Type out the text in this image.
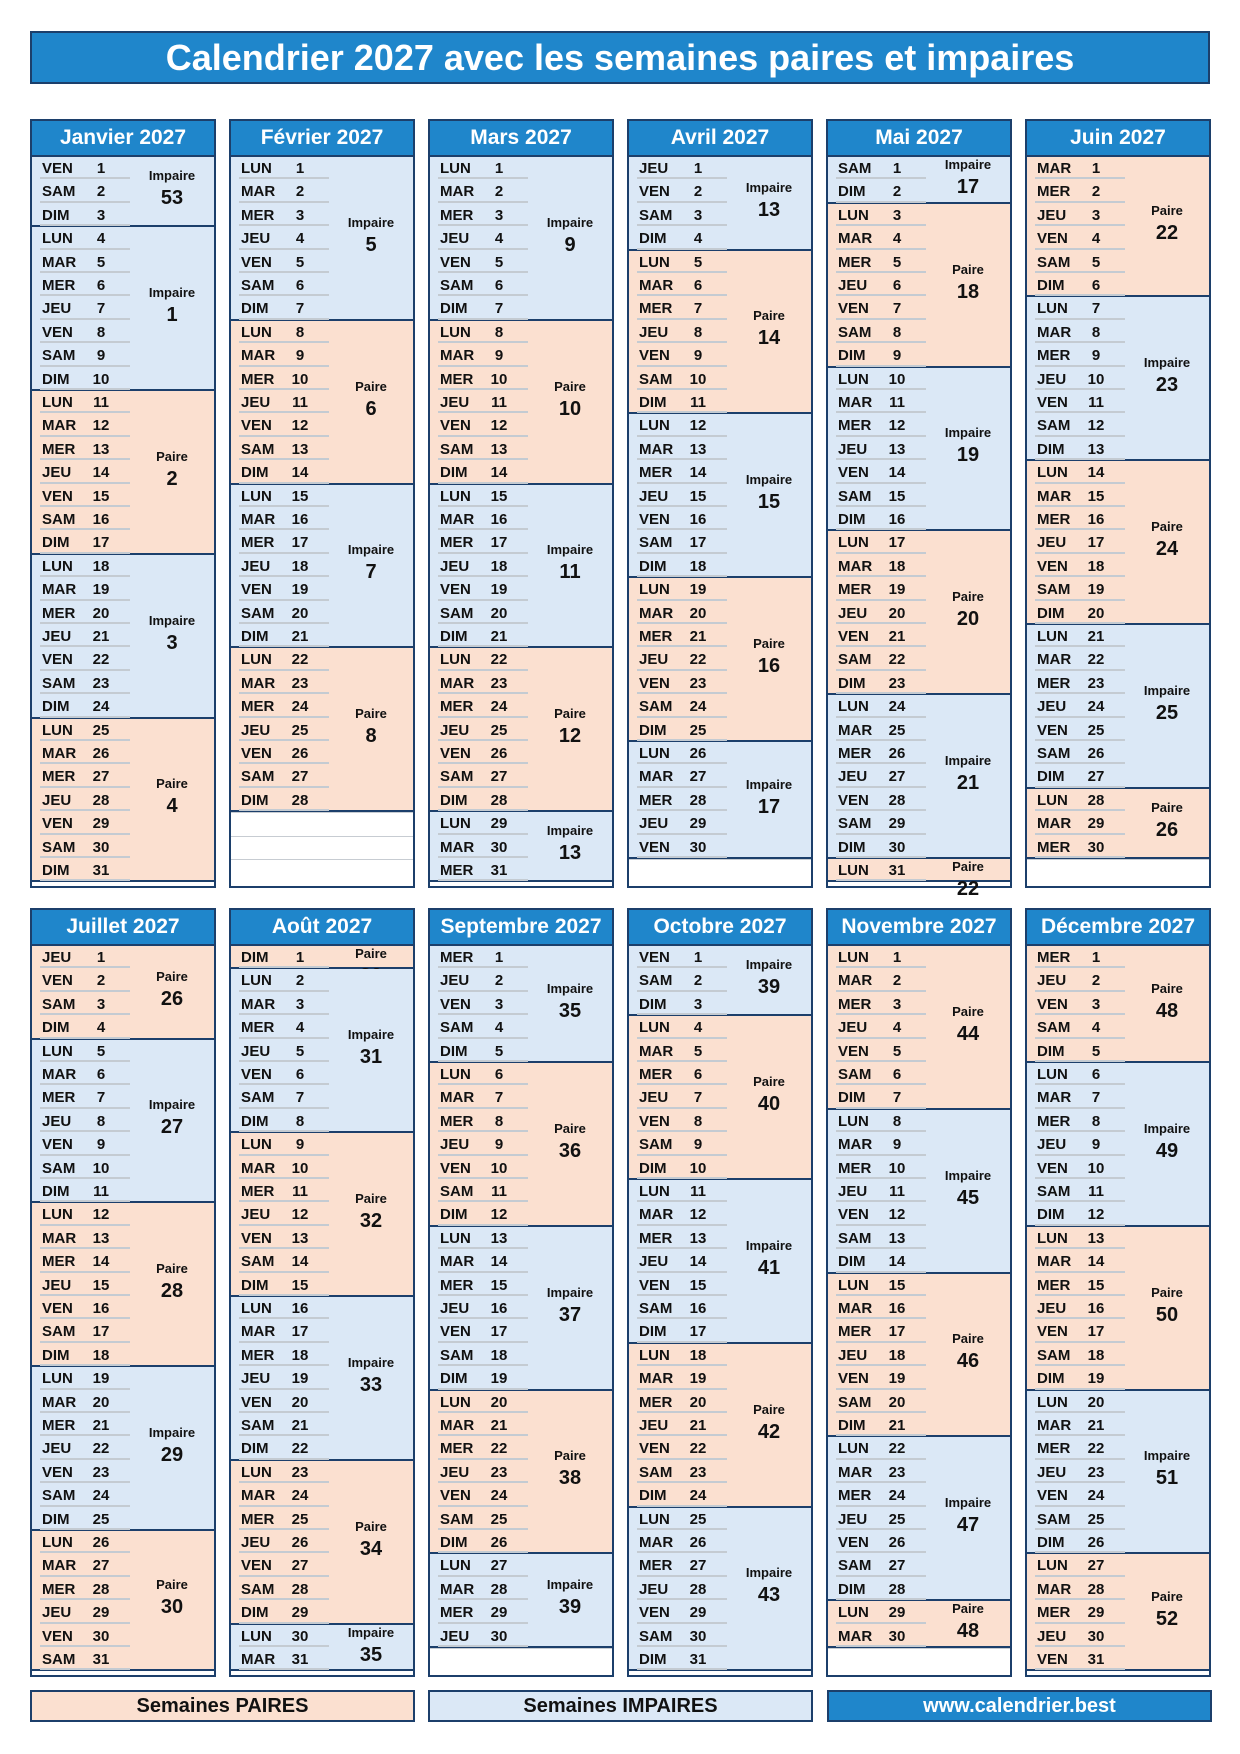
Calendrier 2027 avec les semaines paires et impaires
Janvier 2027
VEN	1
SAM	2
DIM	3
Impaire
53
LUN	4
MAR	5
MER	6
JEU	7
VEN	8
SAM	9
DIM	10
Impaire
1
LUN	11
MAR	12
MER	13
JEU	14
VEN	15
SAM	16
DIM	17
Paire
2
LUN	18
MAR	19
MER	20
JEU	21
VEN	22
SAM	23
DIM	24
Impaire
3
LUN	25
MAR	26
MER	27
JEU	28
VEN	29
SAM	30
DIM	31
Paire
4
Février 2027
LUN	1
MAR	2
MER	3
JEU	4
VEN	5
SAM	6
DIM	7
Impaire
5
LUN	8
MAR	9
MER	10
JEU	11
VEN	12
SAM	13
DIM	14
Paire
6
LUN	15
MAR	16
MER	17
JEU	18
VEN	19
SAM	20
DIM	21
Impaire
7
LUN	22
MAR	23
MER	24
JEU	25
VEN	26
SAM	27
DIM	28
Paire
8
Mars 2027
LUN	1
MAR	2
MER	3
JEU	4
VEN	5
SAM	6
DIM	7
Impaire
9
LUN	8
MAR	9
MER	10
JEU	11
VEN	12
SAM	13
DIM	14
Paire
10
LUN	15
MAR	16
MER	17
JEU	18
VEN	19
SAM	20
DIM	21
Impaire
11
LUN	22
MAR	23
MER	24
JEU	25
VEN	26
SAM	27
DIM	28
Paire
12
LUN	29
MAR	30
MER	31
Impaire
13
Avril 2027
JEU	1
VEN	2
SAM	3
DIM	4
Impaire
13
LUN	5
MAR	6
MER	7
JEU	8
VEN	9
SAM	10
DIM	11
Paire
14
LUN	12
MAR	13
MER	14
JEU	15
VEN	16
SAM	17
DIM	18
Impaire
15
LUN	19
MAR	20
MER	21
JEU	22
VEN	23
SAM	24
DIM	25
Paire
16
LUN	26
MAR	27
MER	28
JEU	29
VEN	30
Impaire
17
Mai 2027
SAM	1
DIM	2
Impaire
17
LUN	3
MAR	4
MER	5
JEU	6
VEN	7
SAM	8
DIM	9
Paire
18
LUN	10
MAR	11
MER	12
JEU	13
VEN	14
SAM	15
DIM	16
Impaire
19
LUN	17
MAR	18
MER	19
JEU	20
VEN	21
SAM	22
DIM	23
Paire
20
LUN	24
MAR	25
MER	26
JEU	27
VEN	28
SAM	29
DIM	30
Impaire
21
LUN	31	Paire
22
Juin 2027
MAR	1
MER	2
JEU	3
VEN	4
SAM	5
DIM	6
Paire
22
LUN	7
MAR	8
MER	9
JEU	10
VEN	11
SAM	12
DIM	13
Impaire
23
LUN	14
MAR	15
MER	16
JEU	17
VEN	18
SAM	19
DIM	20
Paire
24
LUN	21
MAR	22
MER	23
JEU	24
VEN	25
SAM	26
DIM	27
Impaire
25
LUN	28
MAR	29
MER	30
Paire
26
Juillet 2027
JEU	1
VEN	2
SAM	3
DIM	4
Paire
26
LUN	5
MAR	6
MER	7
JEU	8
VEN	9
SAM	10
DIM	11
Impaire
27
LUN	12
MAR	13
MER	14
JEU	15
VEN	16
SAM	17
DIM	18
Paire
28
LUN	19
MAR	20
MER	21
JEU	22
VEN	23
SAM	24
DIM	25
Impaire
29
LUN	26
MAR	27
MER	28
JEU	29
VEN	30
SAM	31
Paire
30
Août 2027
DIM	1	Paire
LUN	2
MAR	3
MER	4
JEU	5
VEN	6
SAM	7
DIM	8
Impaire
31
LUN	9
MAR	10
MER	11
JEU	12
VEN	13
SAM	14
DIM	15
Paire
32
LUN	16
MAR	17
MER	18
JEU	19
VEN	20
SAM	21
DIM	22
Impaire
33
LUN	23
MAR	24
MER	25
JEU	26
VEN	27
SAM	28
DIM	29
Paire
34
LUN	30
MAR	31
Impaire
35
Septembre 2027
MER	1
JEU	2
VEN	3
SAM	4
DIM	5
Impaire
35
LUN	6
MAR	7
MER	8
JEU	9
VEN	10
SAM	11
DIM	12
Paire
36
LUN	13
MAR	14
MER	15
JEU	16
VEN	17
SAM	18
DIM	19
Impaire
37
LUN	20
MAR	21
MER	22
JEU	23
VEN	24
SAM	25
DIM	26
Paire
38
LUN	27
MAR	28
MER	29
JEU	30
Impaire
39
Octobre 2027
VEN	1
SAM	2
DIM	3
Impaire
39
LUN	4
MAR	5
MER	6
JEU	7
VEN	8
SAM	9
DIM	10
Paire
40
LUN	11
MAR	12
MER	13
JEU	14
VEN	15
SAM	16
DIM	17
Impaire
41
LUN	18
MAR	19
MER	20
JEU	21
VEN	22
SAM	23
DIM	24
Paire
42
LUN	25
MAR	26
MER	27
JEU	28
VEN	29
SAM	30
DIM	31
Impaire
43
Novembre 2027
LUN	1
MAR	2
MER	3
JEU	4
VEN	5
SAM	6
DIM	7
Paire
44
LUN	8
MAR	9
MER	10
JEU	11
VEN	12
SAM	13
DIM	14
Impaire
45
LUN	15
MAR	16
MER	17
JEU	18
VEN	19
SAM	20
DIM	21
Paire
46
LUN	22
MAR	23
MER	24
JEU	25
VEN	26
SAM	27
DIM	28
Impaire
47
LUN	29
MAR	30
Paire
48
Décembre 2027
MER	1
JEU	2
VEN	3
SAM	4
DIM	5
Paire
48
LUN	6
MAR	7
MER	8
JEU	9
VEN	10
SAM	11
DIM	12
Impaire
49
LUN	13
MAR	14
MER	15
JEU	16
VEN	17
SAM	18
DIM	19
Paire
50
LUN	20
MAR	21
MER	22
JEU	23
VEN	24
SAM	25
DIM	26
Impaire
51
LUN	27
MAR	28
MER	29
JEU	30
VEN	31
Paire
52
Semaines PAIRES	Semaines IMPAIRES	www.calendrier.best
